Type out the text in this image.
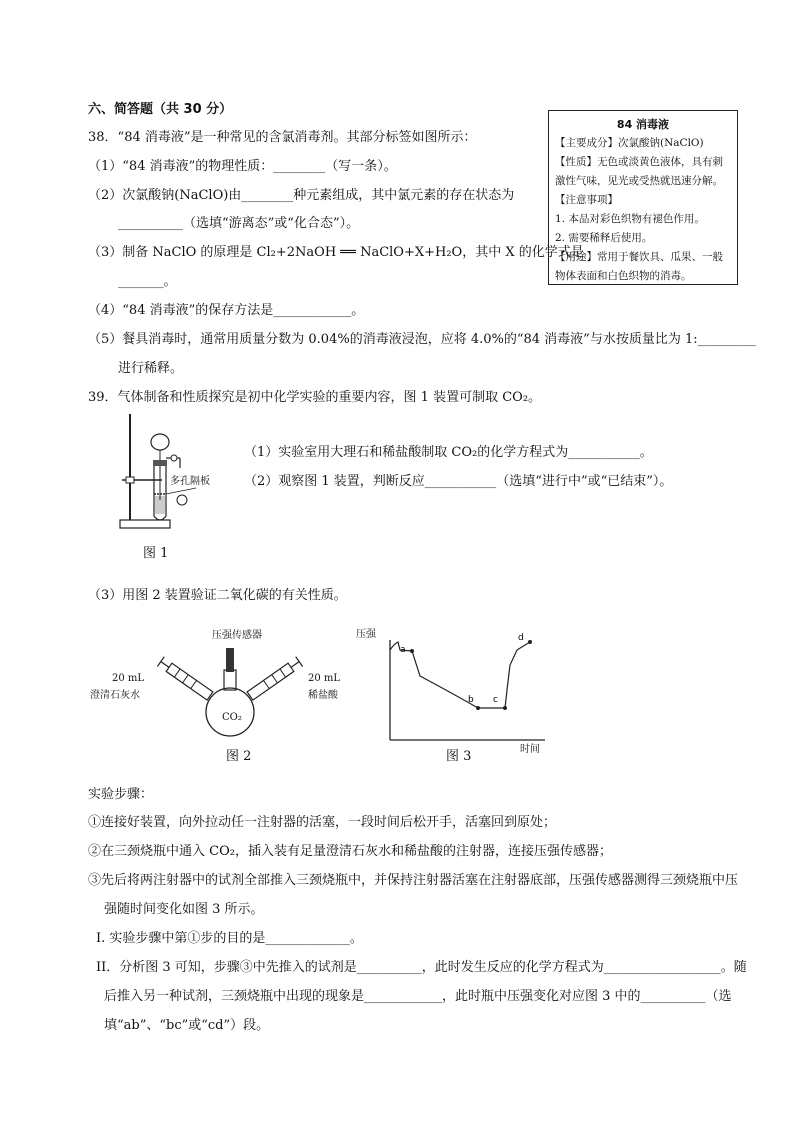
六、简答题（共 30 分）
84 消毒液

【主要成分】次氯酸钠(NaClO)

【性质】无色或淡黄色液体，具有刺

激性气味，见光或受热就迅速分解。

【注意事项】

1. 本品对彩色织物有褪色作用。

2. 需要稀释后使用。

【用途】常用于餐饮具、瓜果、一般

物体表面和白色织物的消毒。

38．“84 消毒液”是一种常见的含氯消毒剂。其部分标签如图所示：
（1）“84 消毒液”的物理性质：________（写一条）。
（2）次氯酸钠(NaClO)由________种元素组成，其中氯元素的存在状态为
__________（选填“游离态”或“化合态”）。
（3）制备 NaClO 的原理是 Cl₂+2NaOH ══ NaClO+X+H₂O，其中 X 的化学式是
_______。
（4）“84 消毒液”的保存方法是____________。
（5）餐具消毒时，通常用质量分数为 0.04%的消毒液浸泡，应将 4.0%的“84 消毒液”与水按质量比为 1:_________
进行稀释。
39．气体制备和性质探究是初中化学实验的重要内容，图 1 装置可制取 CO₂。
多孔隔板
图 1
（1）实验室用大理石和稀盐酸制取 CO₂的化学方程式为___________。
（2）观察图 1 装置，判断反应___________（选填“进行中”或“已结束”）。
（3）用图 2 装置验证二氧化碳的有关性质。
压强传感器
20 mL
澄清石灰水
20 mL
稀盐酸
CO₂
图 2
a
b c
d
压强
时间
图 3
实验步骤：
①连接好装置，向外拉动任一注射器的活塞，一段时间后松开手，活塞回到原处；
②在三颈烧瓶中通入 CO₂，插入装有足量澄清石灰水和稀盐酸的注射器，连接压强传感器；
③先后将两注射器中的试剂全部推入三颈烧瓶中，并保持注射器活塞在注射器底部，压强传感器测得三颈烧瓶中压
强随时间变化如图 3 所示。
I. 实验步骤中第①步的目的是_____________。
II．分析图 3 可知，步骤③中先推入的试剂是__________，此时发生反应的化学方程式为__________________。随
后推入另一种试剂，三颈烧瓶中出现的现象是____________，此时瓶中压强变化对应图 3 中的__________（选
填“ab”、“bc”或“cd”）段。
